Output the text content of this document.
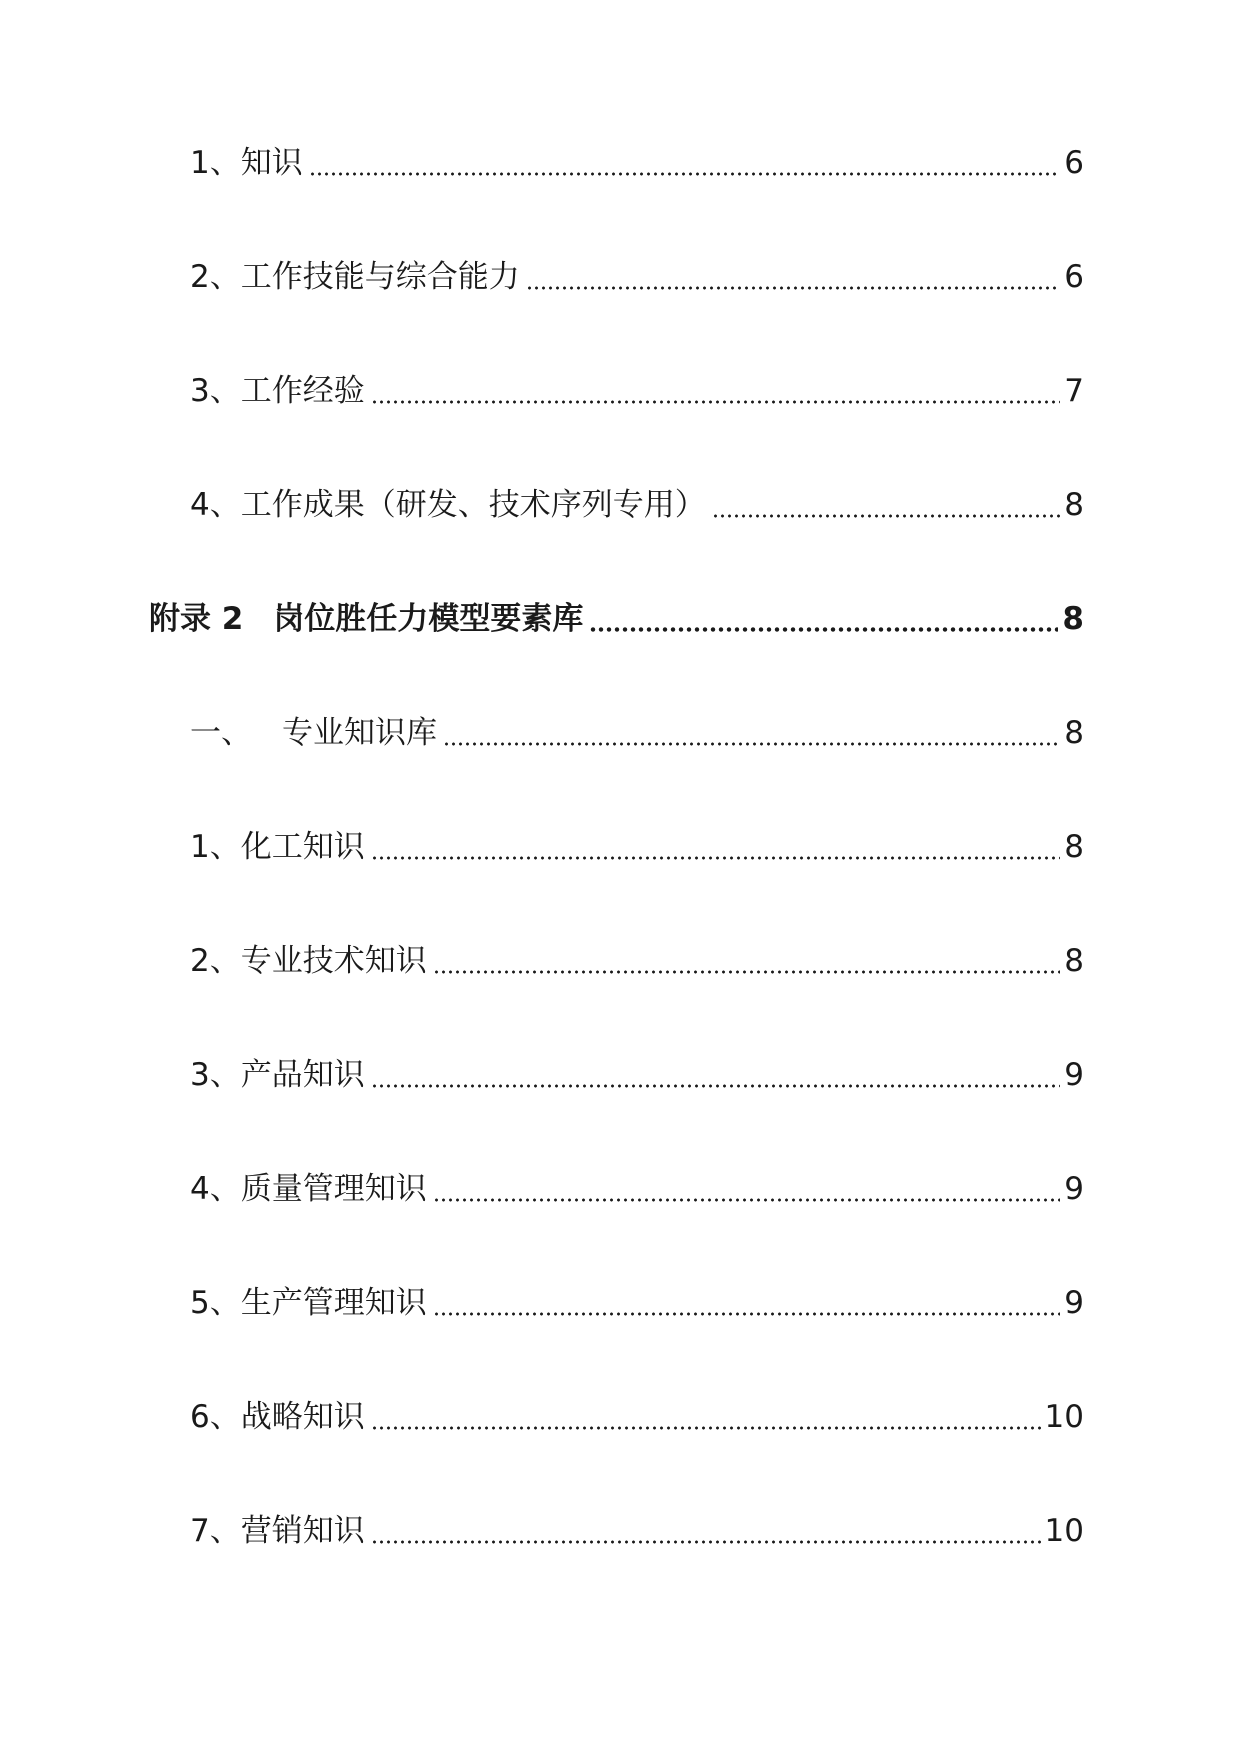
1、知识	6
2、工作技能与综合能力	6
3、工作经验	7
4、工作成果（研发、技术序列专用）	8
附录 2 岗位胜任力模型要素库	8
一、 专业知识库	8
1、化工知识	8
2、专业技术知识	8
3、产品知识	9
4、质量管理知识	9
5、生产管理知识	9
6、战略知识	10
7、营销知识	10
